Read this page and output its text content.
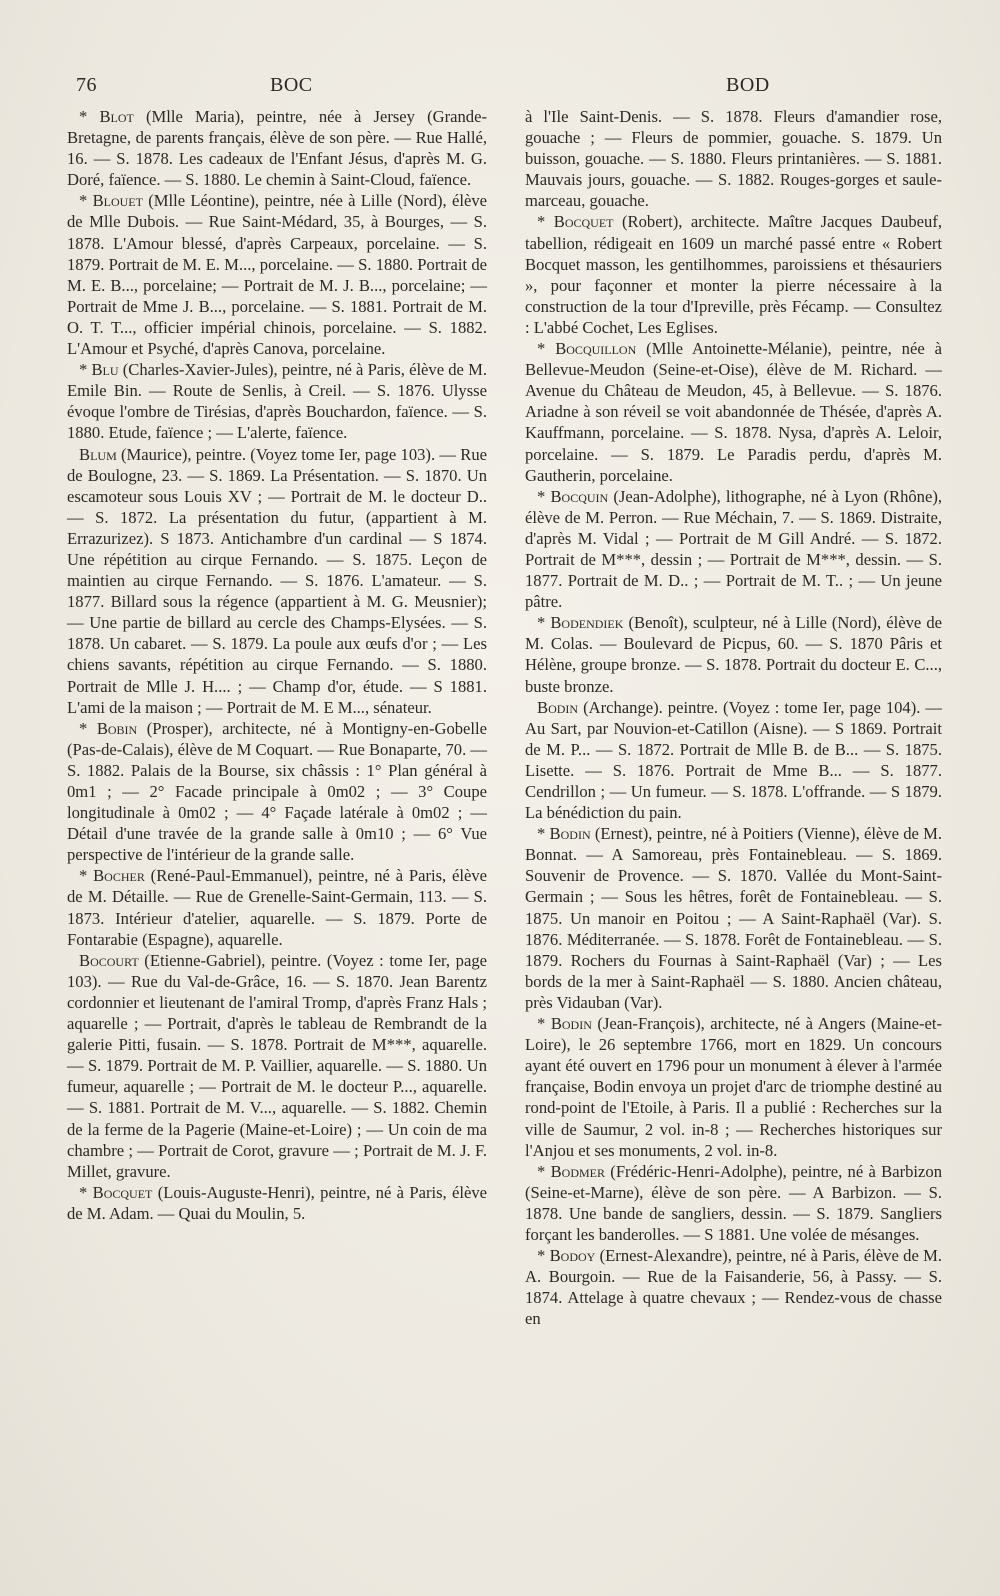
76	BOC	BOD

* Blot (Mlle Maria), peintre, née à Jersey (Grande-Bretagne, de parents français, élève de son père. — Rue Hallé, 16. — S. 1878. Les cadeaux de l'Enfant Jésus, d'après M. G. Doré, faïence. — S. 1880. Le chemin à Saint-Cloud, faïence.

* Blouet (Mlle Léontine), peintre, née à Lille (Nord), élève de Mlle Dubois. — Rue Saint-Médard, 35, à Bourges, — S. 1878. L'Amour blessé, d'après Carpeaux, porcelaine. — S. 1879. Portrait de M. E. M..., porcelaine. — S. 1880. Portrait de M. E. B..., porcelaine; — Portrait de M. J. B..., porcelaine; — Portrait de Mme J. B..., porcelaine. — S. 1881. Portrait de M. O. T. T..., officier impérial chinois, porcelaine. — S. 1882. L'Amour et Psyché, d'après Canova, porcelaine.

* Blu (Charles-Xavier-Jules), peintre, né à Paris, élève de M. Emile Bin. — Route de Senlis, à Creil. — S. 1876. Ulysse évoque l'ombre de Tirésias, d'après Bouchardon, faïence. — S. 1880. Etude, faïence ; — L'alerte, faïence.

Blum (Maurice), peintre. (Voyez tome Ier, page 103). — Rue de Boulogne, 23. — S. 1869. La Présentation. — S. 1870. Un escamoteur sous Louis XV ; — Portrait de M. le docteur D.. — S. 1872. La présentation du futur, (appartient à M. Errazurizez). S 1873. Antichambre d'un cardinal — S 1874. Une répétition au cirque Fernando. — S. 1875. Leçon de maintien au cirque Fernando. — S. 1876. L'amateur. — S. 1877. Billard sous la régence (appartient à M. G. Meusnier); — Une partie de billard au cercle des Champs-Elysées. — S. 1878. Un cabaret. — S. 1879. La poule aux œufs d'or ; — Les chiens savants, répétition au cirque Fernando. — S. 1880. Portrait de Mlle J. H.... ; — Champ d'or, étude. — S 1881. L'ami de la maison ; — Portrait de M. E M..., sénateur.

* Bobin (Prosper), architecte, né à Montigny-en-Gobelle (Pas-de-Calais), élève de M Coquart. — Rue Bonaparte, 70. — S. 1882. Palais de la Bourse, six châssis : 1° Plan général à 0m1 ; — 2° Facade principale à 0m02 ; — 3° Coupe longitudinale à 0m02 ; — 4° Façade latérale à 0m02 ; — Détail d'une travée de la grande salle à 0m10 ; — 6° Vue perspective de l'intérieur de la grande salle.

* Bocher (René-Paul-Emmanuel), peintre, né à Paris, élève de M. Détaille. — Rue de Grenelle-Saint-Germain, 113. — S. 1873. Intérieur d'atelier, aquarelle. — S. 1879. Porte de Fontarabie (Espagne), aquarelle.

Bocourt (Etienne-Gabriel), peintre. (Voyez : tome Ier, page 103). — Rue du Val-de-Grâce, 16. — S. 1870. Jean Barentz cordonnier et lieutenant de l'amiral Tromp, d'après Franz Hals ; aquarelle ; — Portrait, d'après le tableau de Rembrandt de la galerie Pitti, fusain. — S. 1878. Portrait de M***, aquarelle. — S. 1879. Portrait de M. P. Vaillier, aquarelle. — S. 1880. Un fumeur, aquarelle ; — Portrait de M. le docteur P..., aquarelle. — S. 1881. Portrait de M. V..., aquarelle. — S. 1882. Chemin de la ferme de la Pagerie (Maine-et-Loire) ; — Un coin de ma chambre ; — Portrait de Corot, gravure — ; Portrait de M. J. F. Millet, gravure.

* Bocquet (Louis-Auguste-Henri), peintre, né à Paris, élève de M. Adam. — Quai du Moulin, 5.

à l'Ile Saint-Denis. — S. 1878. Fleurs d'amandier rose, gouache ; — Fleurs de pommier, gouache. S. 1879. Un buisson, gouache. — S. 1880. Fleurs printanières. — S. 1881. Mauvais jours, gouache. — S. 1882. Rouges-gorges et saule-marceau, gouache.

* Bocquet (Robert), architecte. Maître Jacques Daubeuf, tabellion, rédigeait en 1609 un marché passé entre « Robert Bocquet masson, les gentilhommes, paroissiens et thésauriers », pour façonner et monter la pierre nécessaire à la construction de la tour d'Ipreville, près Fécamp. — Consultez : L'abbé Cochet, Les Eglises.

* Bocquillon (Mlle Antoinette-Mélanie), peintre, née à Bellevue-Meudon (Seine-et-Oise), élève de M. Richard. — Avenue du Château de Meudon, 45, à Bellevue. — S. 1876. Ariadne à son réveil se voit abandonnée de Thésée, d'après A. Kauffmann, porcelaine. — S. 1878. Nysa, d'après A. Leloir, porcelaine. — S. 1879. Le Paradis perdu, d'après M. Gautherin, porcelaine.

* Bocquin (Jean-Adolphe), lithographe, né à Lyon (Rhône), élève de M. Perron. — Rue Méchain, 7. — S. 1869. Distraite, d'après M. Vidal ; — Portrait de M Gill André. — S. 1872. Portrait de M***, dessin ; — Portrait de M***, dessin. — S. 1877. Portrait de M. D.. ; — Portrait de M. T.. ; — Un jeune pâtre.

* Bodendiek (Benoît), sculpteur, né à Lille (Nord), élève de M. Colas. — Boulevard de Picpus, 60. — S. 1870 Pâris et Hélène, groupe bronze. — S. 1878. Portrait du docteur E. C..., buste bronze.

Bodin (Archange). peintre. (Voyez : tome Ier, page 104). — Au Sart, par Nouvion-et-Catillon (Aisne). — S 1869. Portrait de M. P... — S. 1872. Portrait de Mlle B. de B... — S. 1875. Lisette. — S. 1876. Portrait de Mme B... — S. 1877. Cendrillon ; — Un fumeur. — S. 1878. L'offrande. — S 1879. La bénédiction du pain.

* Bodin (Ernest), peintre, né à Poitiers (Vienne), élève de M. Bonnat. — A Samoreau, près Fontainebleau. — S. 1869. Souvenir de Provence. — S. 1870. Vallée du Mont-Saint-Germain ; — Sous les hêtres, forêt de Fontainebleau. — S. 1875. Un manoir en Poitou ; — A Saint-Raphaël (Var). S. 1876. Méditerranée. — S. 1878. Forêt de Fontainebleau. — S. 1879. Rochers du Fournas à Saint-Raphaël (Var) ; — Les bords de la mer à Saint-Raphaël — S. 1880. Ancien château, près Vidauban (Var).

* Bodin (Jean-François), architecte, né à Angers (Maine-et-Loire), le 26 septembre 1766, mort en 1829. Un concours ayant été ouvert en 1796 pour un monument à élever à l'armée française, Bodin envoya un projet d'arc de triomphe destiné au rond-point de l'Etoile, à Paris. Il a publié : Recherches sur la ville de Saumur, 2 vol. in-8 ; — Recherches historiques sur l'Anjou et ses monuments, 2 vol. in-8.

* Bodmer (Frédéric-Henri-Adolphe), peintre, né à Barbizon (Seine-et-Marne), élève de son père. — A Barbizon. — S. 1878. Une bande de sangliers, dessin. — S. 1879. Sangliers forçant les banderolles. — S 1881. Une volée de mésanges.

* Bodoy (Ernest-Alexandre), peintre, né à Paris, élève de M. A. Bourgoin. — Rue de la Faisanderie, 56, à Passy. — S. 1874. Attelage à quatre chevaux ; — Rendez-vous de chasse en
